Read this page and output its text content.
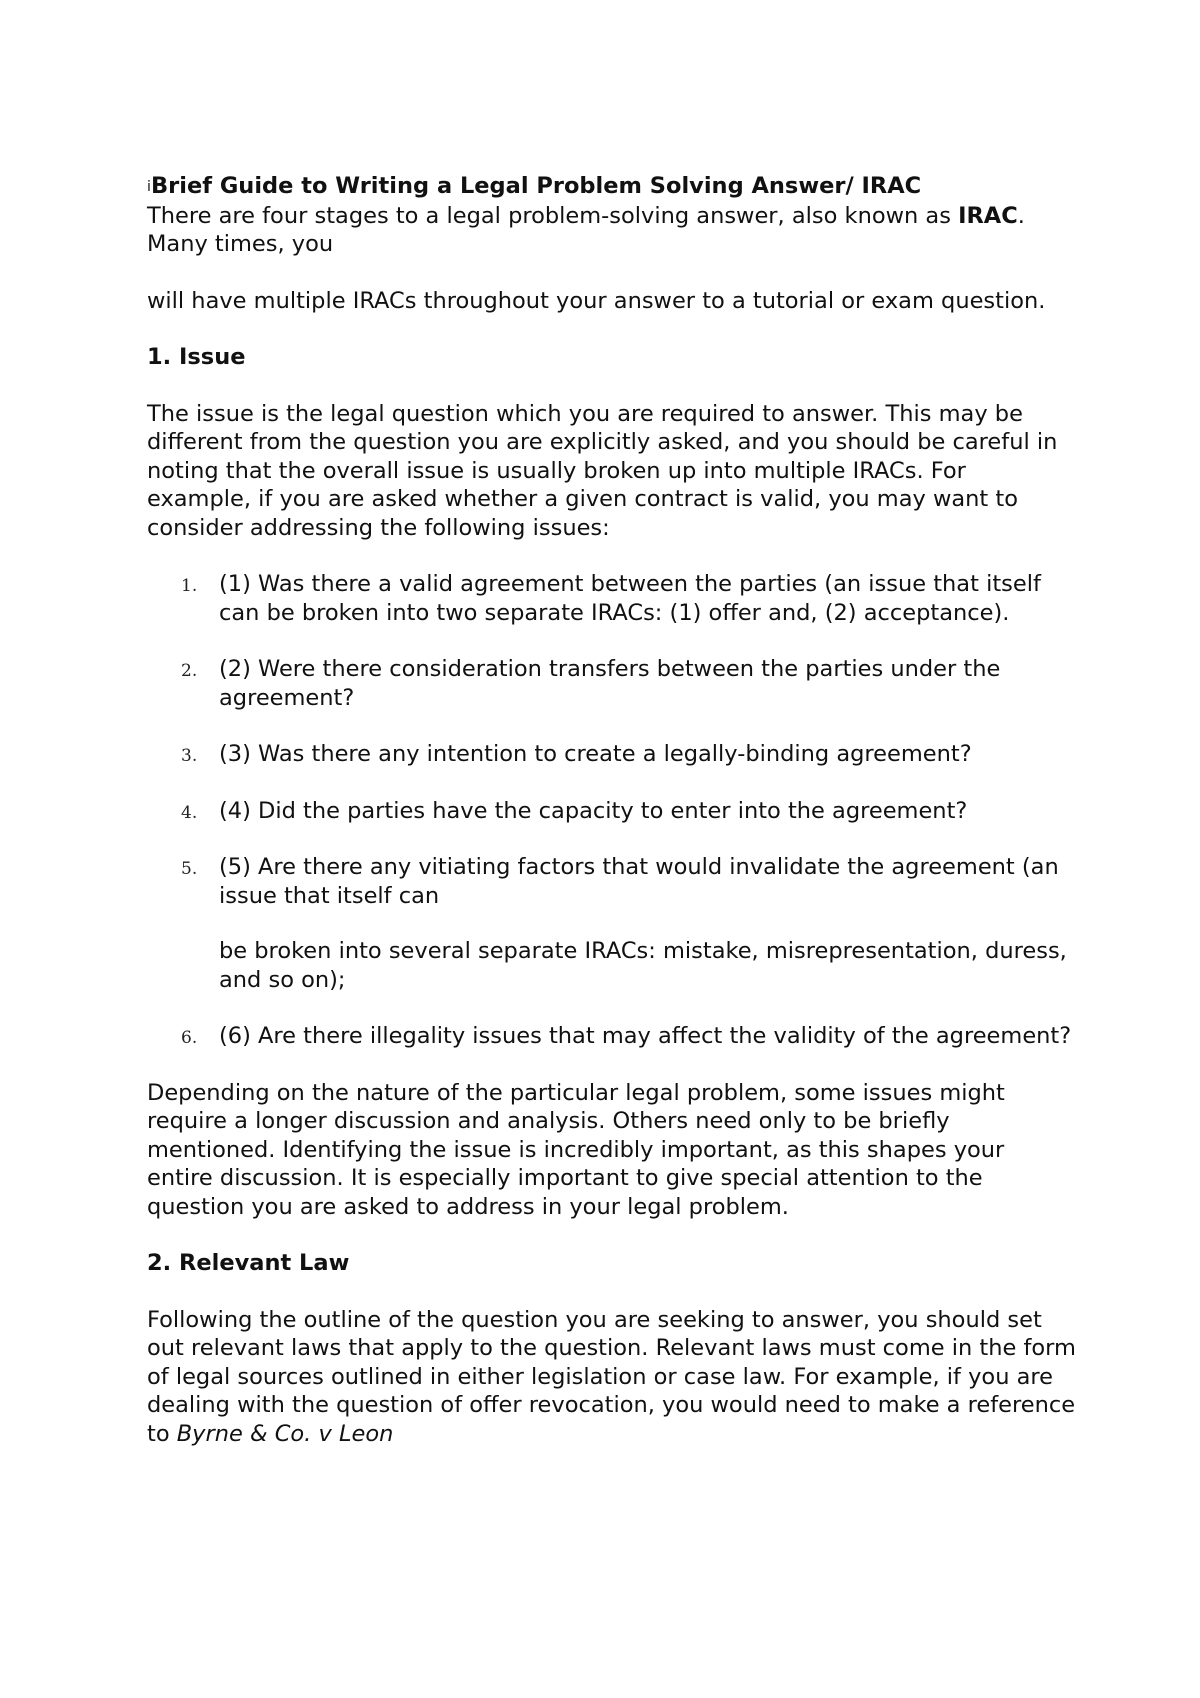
iBrief Guide to Writing a Legal Problem Solving Answer/ IRAC

There are four stages to a legal problem-solving answer, also known as IRAC. Many times, you

will have multiple IRACs throughout your answer to a tutorial or exam question.

1. Issue

The issue is the legal question which you are required to answer. This may be different from the question you are explicitly asked, and you should be careful in noting that the overall issue is usually broken up into multiple IRACs. For example, if you are asked whether a given contract is valid, you may want to consider addressing the following issues:

1. (1) Was there a valid agreement between the parties (an issue that itself can be broken into two separate IRACs: (1) offer and, (2) acceptance).
2. (2) Were there consideration transfers between the parties under the agreement?
3. (3) Was there any intention to create a legally-binding agreement?
4. (4) Did the parties have the capacity to enter into the agreement?
5. (5) Are there any vitiating factors that would invalidate the agreement (an issue that itself can

be broken into several separate IRACs: mistake, misrepresentation, duress, and so on);

6. (6) Are there illegality issues that may affect the validity of the agreement?

Depending on the nature of the particular legal problem, some issues might require a longer discussion and analysis. Others need only to be briefly mentioned. Identifying the issue is incredibly important, as this shapes your entire discussion. It is especially important to give special attention to the question you are asked to address in your legal problem.

2. Relevant Law

Following the outline of the question you are seeking to answer, you should set out relevant laws that apply to the question. Relevant laws must come in the form of legal sources outlined in either legislation or case law. For example, if you are dealing with the question of offer revocation, you would need to make a reference to Byrne & Co. v Leon
